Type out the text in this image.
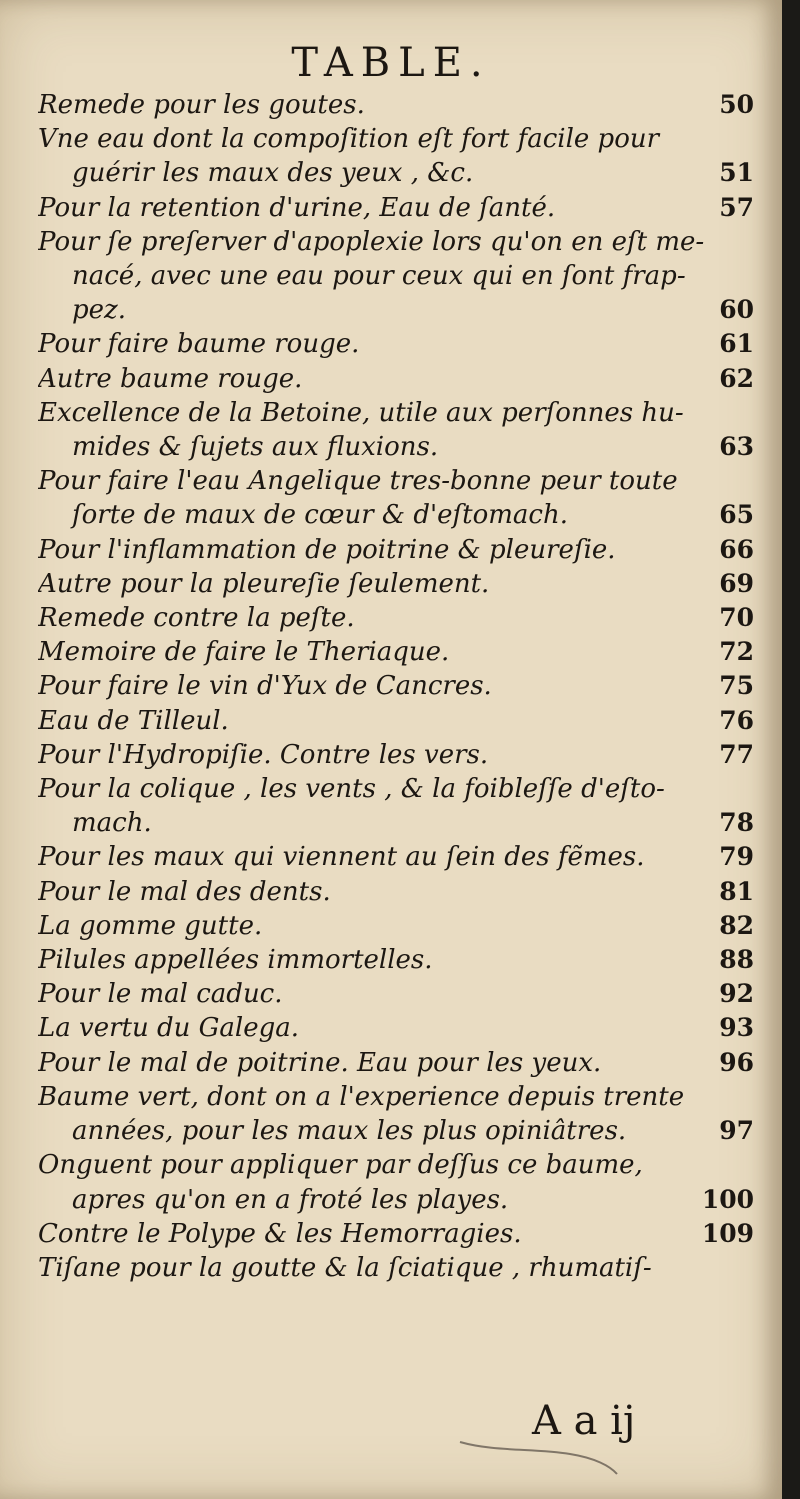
TABLE.
Remede pour les goutes.	50
Vne eau dont la compoſition eſt fort facile pour
guérir les maux des yeux , &c.	51
Pour la retention d'urine, Eau de ſanté.	57
Pour ſe preſerver d'apoplexie lors qu'on en eſt me-
nacé, avec une eau pour ceux qui en ſont frap-
pez.	60
Pour faire baume rouge.	61
Autre baume rouge.	62
Excellence de la Betoine, utile aux perſonnes hu-
mides & ſujets aux fluxions.	63
Pour faire l'eau Angelique tres-bonne peur toute
ſorte de maux de cœur & d'eſtomach.	65
Pour l'inflammation de poitrine & pleureſie.	66
Autre pour la pleureſie ſeulement.	69
Remede contre la peſte.	70
Memoire de faire le Theriaque.	72
Pour faire le vin d'Yux de Cancres.	75
Eau de Tilleul.	76
Pour l'Hydropiſie. Contre les vers.	77
Pour la colique , les vents , & la foibleſſe d'eſto-
mach.	78
Pour les maux qui viennent au ſein des fẽmes.	79
Pour le mal des dents.	81
La gomme gutte.	82
Pilules appellées immortelles.	88
Pour le mal caduc.	92
La vertu du Galega.	93
Pour le mal de poitrine. Eau pour les yeux.	96
Baume vert, dont on a l'experience depuis trente
années, pour les maux les plus opiniâtres.	97
Onguent pour appliquer par deſſus ce baume,
apres qu'on en a froté les playes.	100
Contre le Polype & les Hemorragies.	109
Tiſane pour la goutte & la ſciatique , rhumatiſ-
A a ij
